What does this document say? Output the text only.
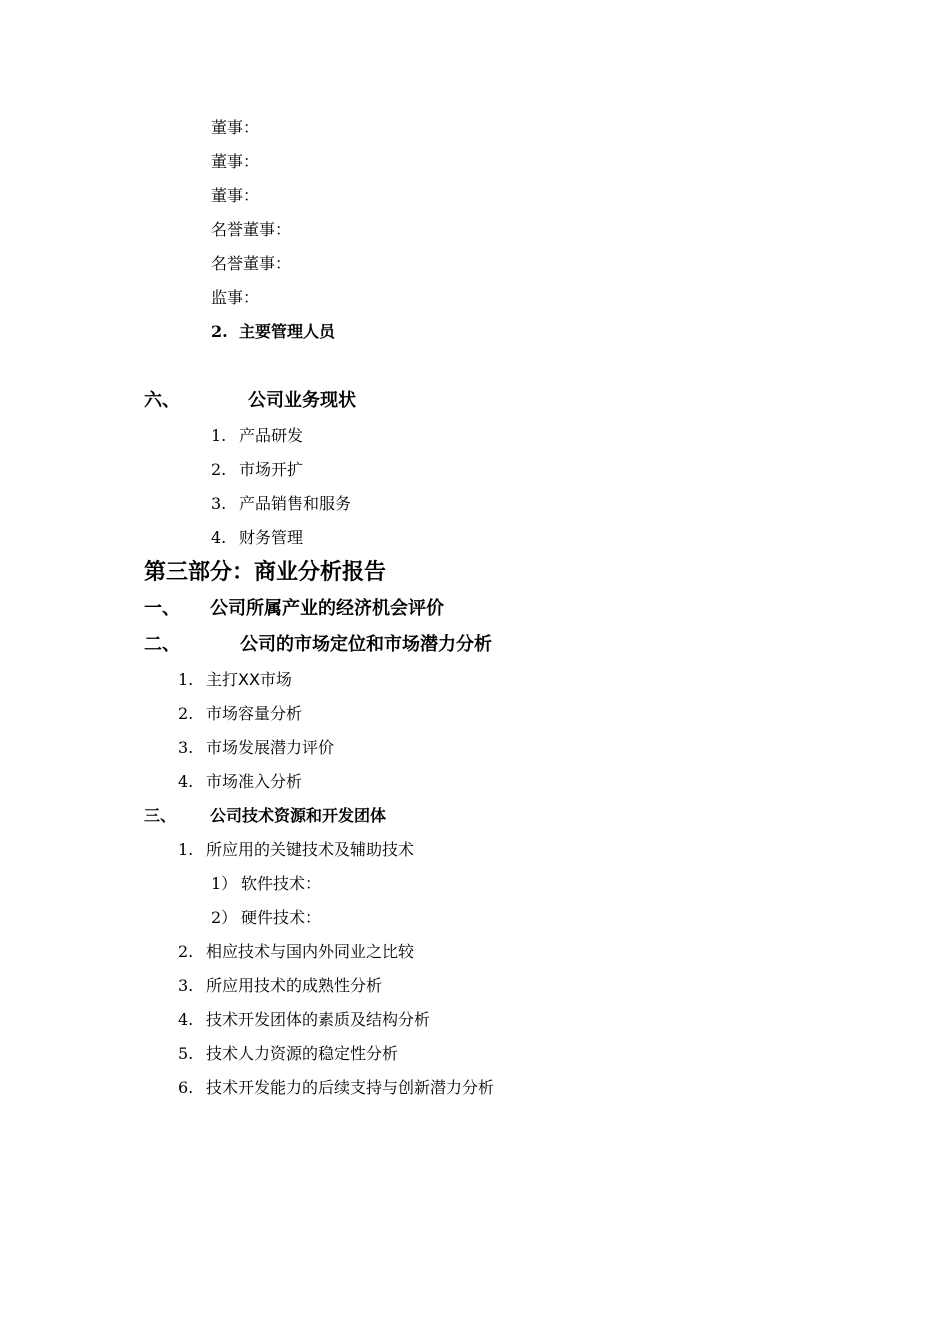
董事：
董事：
董事：
名誉董事：
名誉董事：
监事：
2. 主要管理人员
六、	公司业务现状
1. 产品研发
2. 市场开扩
3. 产品销售和服务
4. 财务管理
第三部分：商业分析报告
一、 公司所属产业的经济机会评价
二、	公司的市场定位和市场潜力分析
1. 主打XX市场
2. 市场容量分析
3. 市场发展潜力评价
4. 市场准入分析
三、 公司技术资源和开发团体
1. 所应用的关键技术及辅助技术
1） 软件技术：
2） 硬件技术：
2. 相应技术与国内外同业之比较
3. 所应用技术的成熟性分析
4. 技术开发团体的素质及结构分析
5. 技术人力资源的稳定性分析
6. 技术开发能力的后续支持与创新潜力分析
